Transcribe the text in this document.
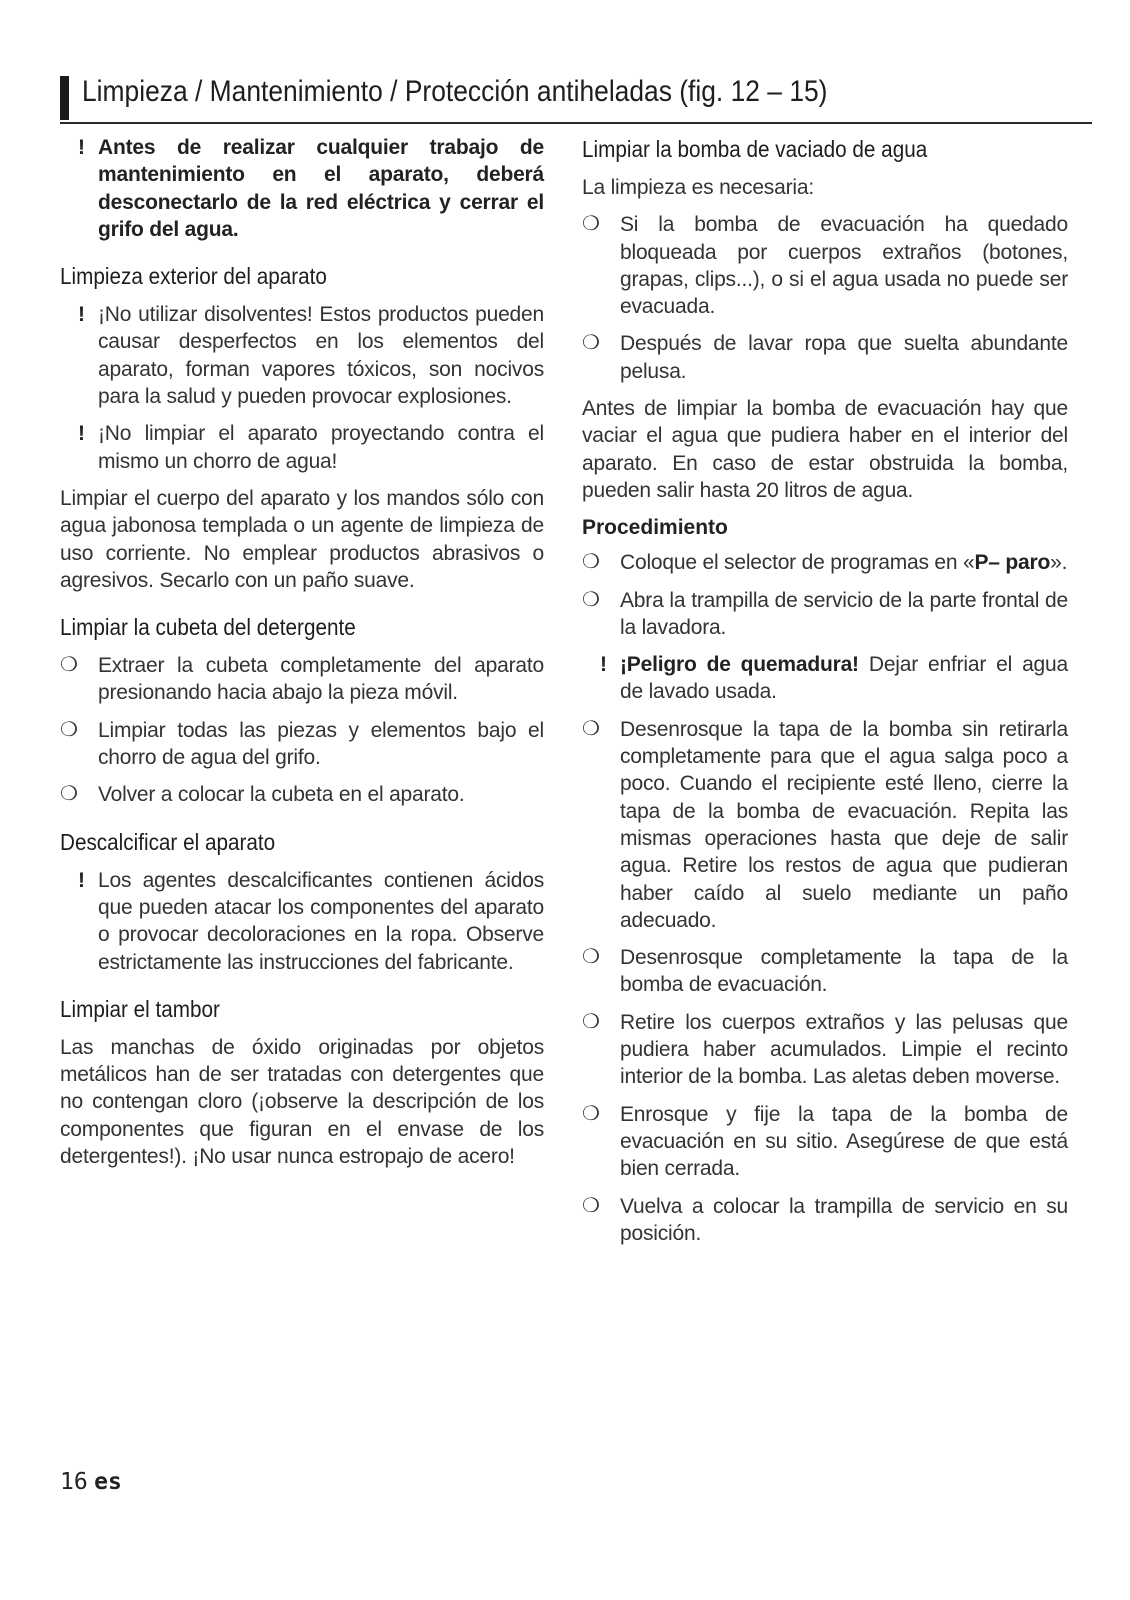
Limpieza / Mantenimiento / Protección antiheladas (fig. 12 – 15)
! Antes de realizar cualquier trabajo de mantenimiento en el aparato, deberá desconectarlo de la red eléctrica y cerrar el grifo del agua.
Limpieza exterior del aparato
! ¡No utilizar disolventes! Estos productos pueden causar desperfectos en los elementos del aparato, forman vapores tóxicos, son nocivos para la salud y pueden provocar explosiones.
! ¡No limpiar el aparato proyectando contra el mismo un chorro de agua!

Limpiar el cuerpo del aparato y los mandos sólo con agua jabonosa templada o un agente de limpieza de uso corriente. No emplear productos abrasivos o agresivos. Secarlo con un paño suave.

Limpiar la cubeta del detergente
❍ Extraer la cubeta completamente del aparato presionando hacia abajo la pieza móvil.
❍ Limpiar todas las piezas y elementos bajo el chorro de agua del grifo.
❍ Volver a colocar la cubeta en el aparato.
Descalcificar el aparato
! Los agentes descalcificantes contienen ácidos que pueden atacar los componentes del aparato o provocar decoloraciones en la ropa. Observe estrictamente las instrucciones del fabricante.
Limpiar el tambor

Las manchas de óxido originadas por objetos metálicos han de ser tratadas con detergentes que no contengan cloro (¡observe la descripción de los componentes que figuran en el envase de los detergentes!). ¡No usar nunca estropajo de acero!

Limpiar la bomba de vaciado de agua

La limpieza es necesaria:

❍ Si la bomba de evacuación ha quedado bloqueada por cuerpos extraños (botones, grapas, clips...), o si el agua usada no puede ser evacuada.
❍ Después de lavar ropa que suelta abundante pelusa.

Antes de limpiar la bomba de evacuación hay que vaciar el agua que pudiera haber en el interior del aparato. En caso de estar obstruida la bomba, pueden salir hasta 20 litros de agua.

Procedimiento
❍ Coloque el selector de programas en «P– paro».
❍ Abra la trampilla de servicio de la parte frontal de la lavadora.
! ¡Peligro de quemadura! Dejar enfriar el agua de lavado usada.
❍ Desenrosque la tapa de la bomba sin retirarla completamente para que el agua salga poco a poco. Cuando el recipiente esté lleno, cierre la tapa de la bomba de evacuación. Repita las mismas operaciones hasta que deje de salir agua. Retire los restos de agua que pudieran haber caído al suelo mediante un paño adecuado.
❍ Desenrosque completamente la tapa de la bomba de evacuación.
❍ Retire los cuerpos extraños y las pelusas que pudiera haber acumulados. Limpie el recinto interior de la bomba. Las aletas deben moverse.
❍ Enrosque y fije la tapa de la bomba de evacuación en su sitio. Asegúrese de que está bien cerrada.
❍ Vuelva a colocar la trampilla de servicio en su posición.
16 es
